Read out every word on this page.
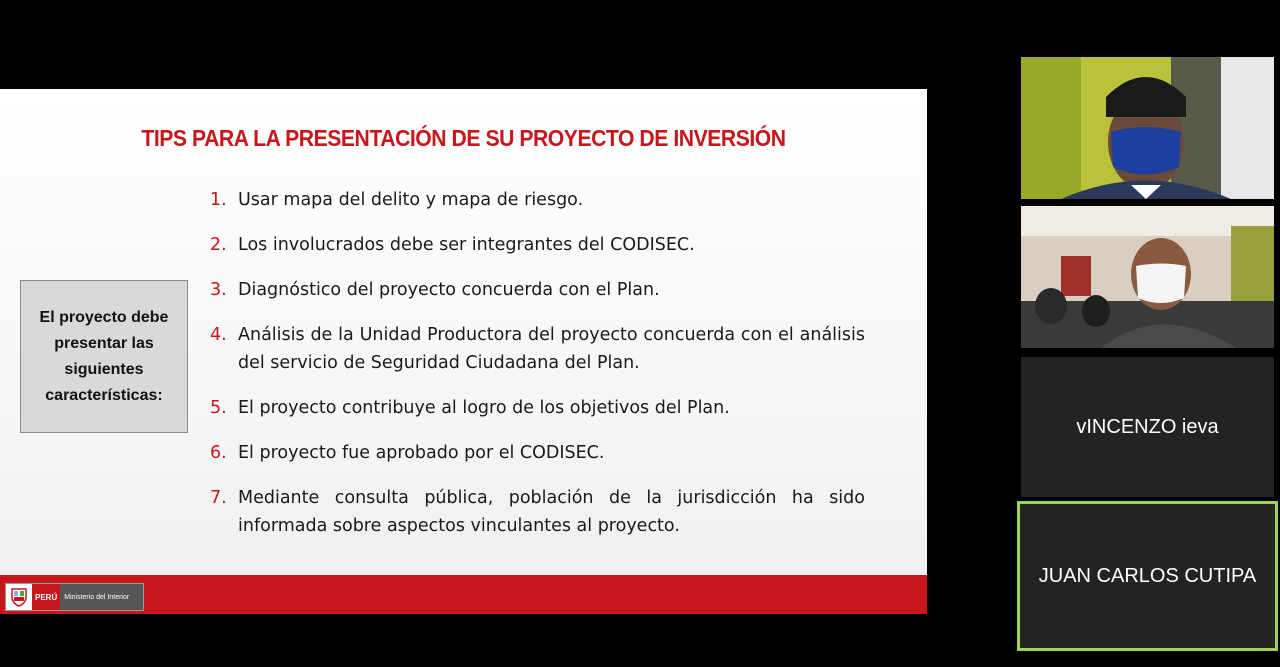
TIPS PARA LA PRESENTACIÓN DE SU PROYECTO DE INVERSIÓN
El proyecto debe presentar las siguientes características:
1. Usar mapa del delito y mapa de riesgo.
2. Los involucrados debe ser integrantes del CODISEC.
3. Diagnóstico del proyecto concuerda con el Plan.
4. Análisis de la Unidad Productora del proyecto concuerda con el análisis del servicio de Seguridad Ciudadana del Plan.
5. El proyecto contribuye al logro de los objetivos del Plan.
6. El proyecto fue aprobado por el CODISEC.
7. Mediante consulta pública, población de la jurisdicción ha sido informada sobre aspectos vinculantes al proyecto.
PERÚ	Ministerio del Interior
vINCENZO ieva
JUAN CARLOS CUTIPA
